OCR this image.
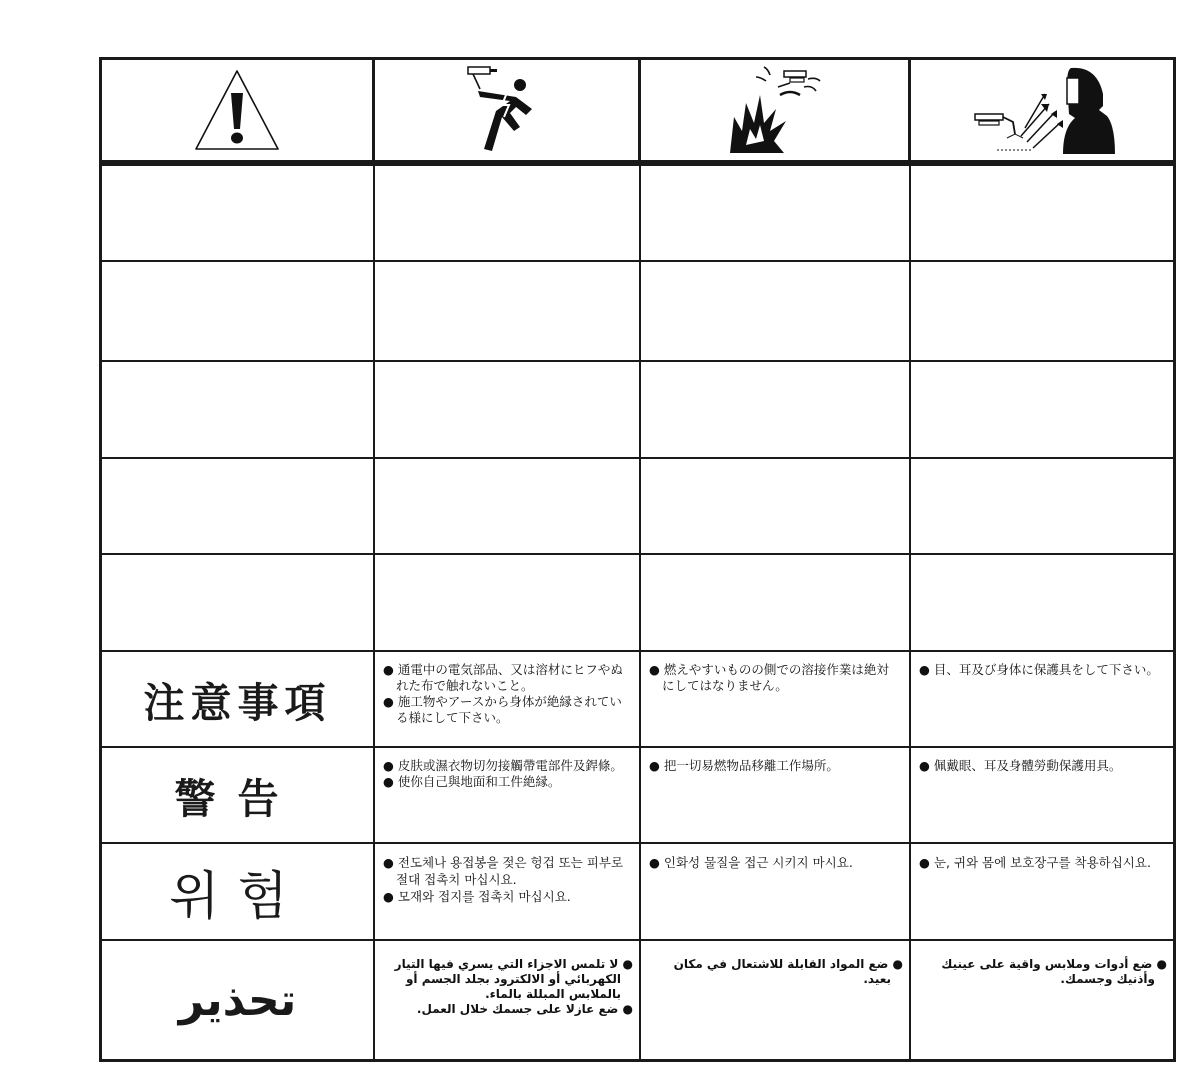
注意事項

● 通電中の電気部品、又は溶材にヒフやぬれた布で触れないこと。

● 施工物やアースから身体が絶縁されている様にして下さい。

● 燃えやすいものの側での溶接作業は絶対にしてはなりません。

● 目、耳及び身体に保護具をして下さい。

警告

● 皮肤或濕衣物切勿接觸帶電部件及銲條。

● 使你自己與地面和工件絶縁。

● 把一切易燃物品移離工作場所。	● 佩戴眼、耳及身體勞動保護用具。

위험

● 전도체나 용접봉을 젖은 헝겁 또는 피부로 절대 접촉치 마십시요.

● 모재와 접지를 접촉치 마십시요.

● 인화성 물질을 접근 시키지 마시요.	● 눈, 귀와 몸에 보호장구를 착용하십시요.

تحذير

● لا تلمس الاجزاء التي يسري فيها التيار الكهربائي أو الالكترود بجلد الجسم أو بالملابس المبللة بالماء.

● ضع عازلا على جسمك خلال العمل.

● ضع المواد القابلة للاشتعال في مكان بعيد.

● ضع أدوات وملابس واقية على عينيك وأذنيك وجسمك.
